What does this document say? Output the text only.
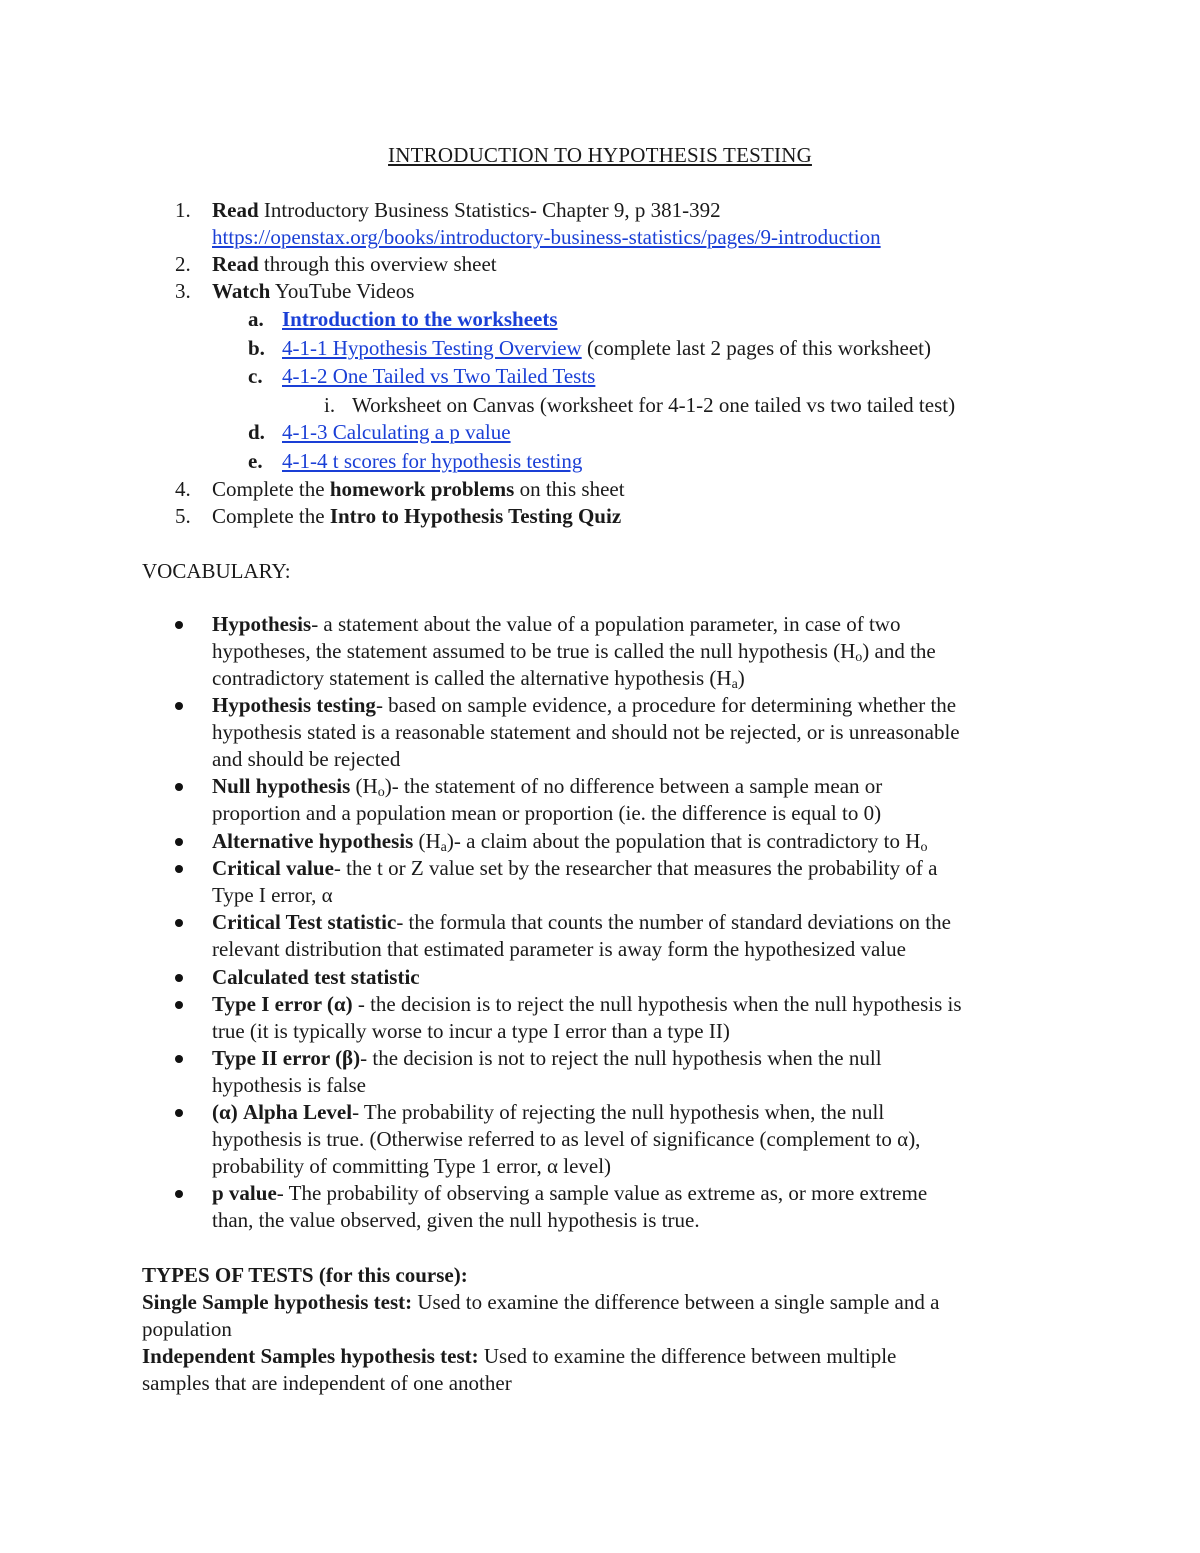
INTRODUCTION TO HYPOTHESIS TESTING
1. Read Introductory Business Statistics- Chapter 9, p 381-392
https://openstax.org/books/introductory-business-statistics/pages/9-introduction
2. Read through this overview sheet
3. Watch YouTube Videos
a. Introduction to the worksheets
b. 4-1-1 Hypothesis Testing Overview (complete last 2 pages of this worksheet)
c. 4-1-2 One Tailed vs Two Tailed Tests
i. Worksheet on Canvas (worksheet for 4-1-2 one tailed vs two tailed test)
d. 4-1-3 Calculating a p value
e. 4-1-4 t scores for hypothesis testing
4. Complete the homework problems on this sheet
5. Complete the Intro to Hypothesis Testing Quiz
VOCABULARY:
Hypothesis- a statement about the value of a population parameter, in case of two
hypotheses, the statement assumed to be true is called the null hypothesis $(H_o)$ and the
contradictory statement is called the alternative hypothesis $(H_a)$
Hypothesis testing- based on sample evidence, a procedure for determining whether the
hypothesis stated is a reasonable statement and should not be rejected, or is unreasonable
and should be rejected
Null hypothesis $(H_o)-$ the statement of no difference between a sample mean or
proportion and a population mean or proportion (ie. the difference is equal to 0)
Alternative hypothesis $(H_a)-$ a claim about the population that is contradictory to $H_o$
Critical value- the t or Z value set by the researcher that measures the probability of a
Type I error, α
Critical Test statistic- the formula that counts the number of standard deviations on the
relevant distribution that estimated parameter is away form the hypothesized value
Calculated test statistic
Type I error (α) - the decision is to reject the null hypothesis when the null hypothesis is
true (it is typically worse to incur a type I error than a type II)
Type II error (β)- the decision is not to reject the null hypothesis when the null
hypothesis is false
(α) Alpha Level- The probability of rejecting the null hypothesis when, the null
hypothesis is true. (Otherwise referred to as level of significance (complement to α),
probability of committing Type 1 error, α level)
p value- The probability of observing a sample value as extreme as, or more extreme
than, the value observed, given the null hypothesis is true.
TYPES OF TESTS (for this course):
Single Sample hypothesis test: Used to examine the difference between a single sample and a
population
Independent Samples hypothesis test: Used to examine the difference between multiple
samples that are independent of one another
